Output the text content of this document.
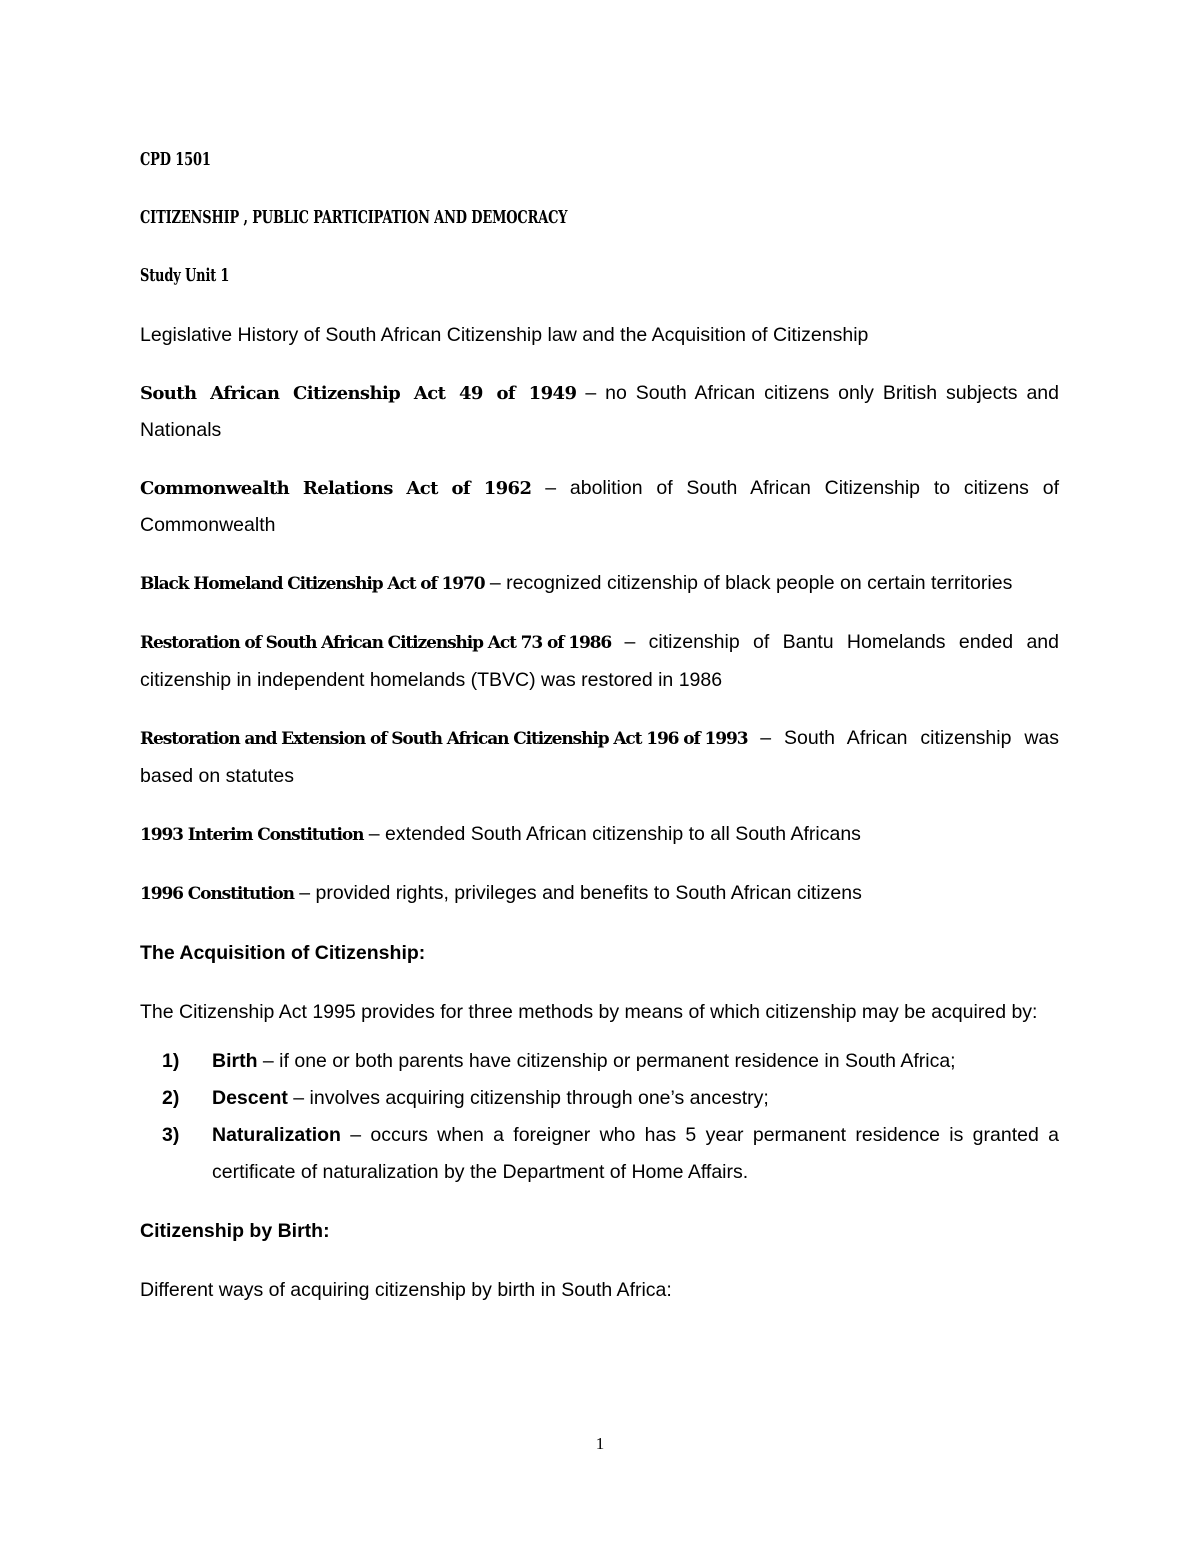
CPD 1501
CITIZENSHIP , PUBLIC PARTICIPATION AND DEMOCRACY
Study Unit 1
Legislative History of South African Citizenship law and the Acquisition of Citizenship
South African Citizenship Act 49 of 1949 – no South African citizens only British subjects and Nationals
Commonwealth Relations Act of 1962 – abolition of South African Citizenship to citizens of Commonwealth
Black Homeland Citizenship Act of 1970 – recognized citizenship of black people on certain territories
Restoration of South African Citizenship Act 73 of 1986 – citizenship of Bantu Homelands ended and citizenship in independent homelands (TBVC) was restored in 1986
Restoration and Extension of South African Citizenship Act 196 of 1993 – South African citizenship was based on statutes
1993 Interim Constitution – extended South African citizenship to all South Africans
1996 Constitution – provided rights, privileges and benefits to South African citizens
The Acquisition of Citizenship:
The Citizenship Act 1995 provides for three methods by means of which citizenship may be acquired by:
1) Birth – if one or both parents have citizenship or permanent residence in South Africa;
2) Descent – involves acquiring citizenship through one’s ancestry;
3) Naturalization – occurs when a foreigner who has 5 year permanent residence is granted a certificate of naturalization by the Department of Home Affairs.
Citizenship by Birth:
Different ways of acquiring citizenship by birth in South Africa:
1
